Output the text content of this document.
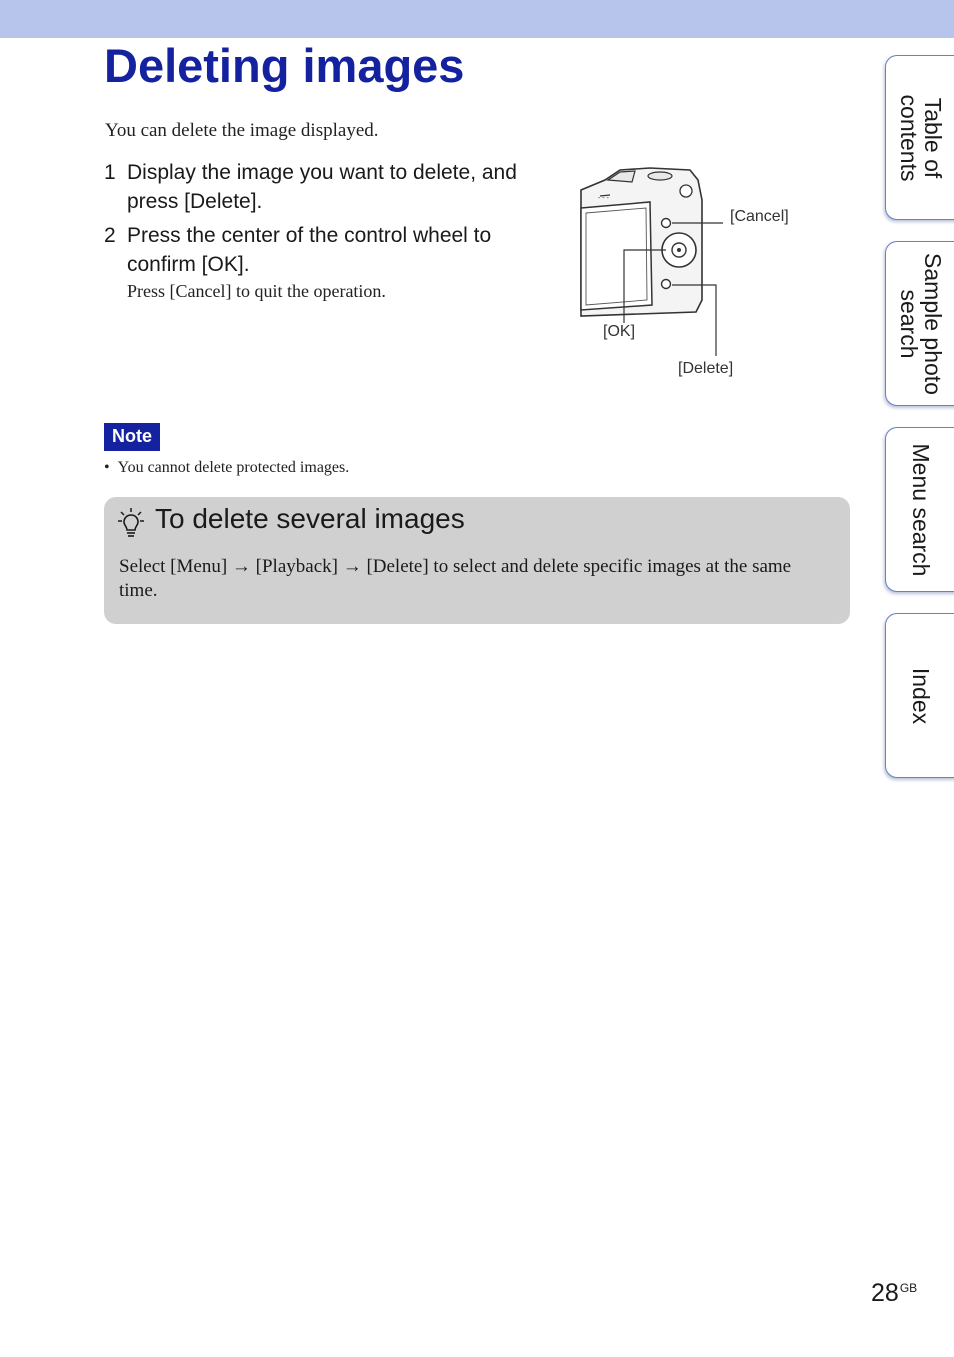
Deleting images

You can delete the image displayed.

1 Display the image you want to delete, and press [Delete].
2 Press the center of the control wheel to confirm [OK].

Press [Cancel] to quit the operation.

- - -
[Cancel]
[OK]
[Delete]
Note

•  You cannot delete protected images.

To delete several images

Select [Menu] → [Playback] → [Delete] to select and delete specific images at the same time.

Table of
contents
Sample photo
search
Menu search
Index
$28^{GB}$
